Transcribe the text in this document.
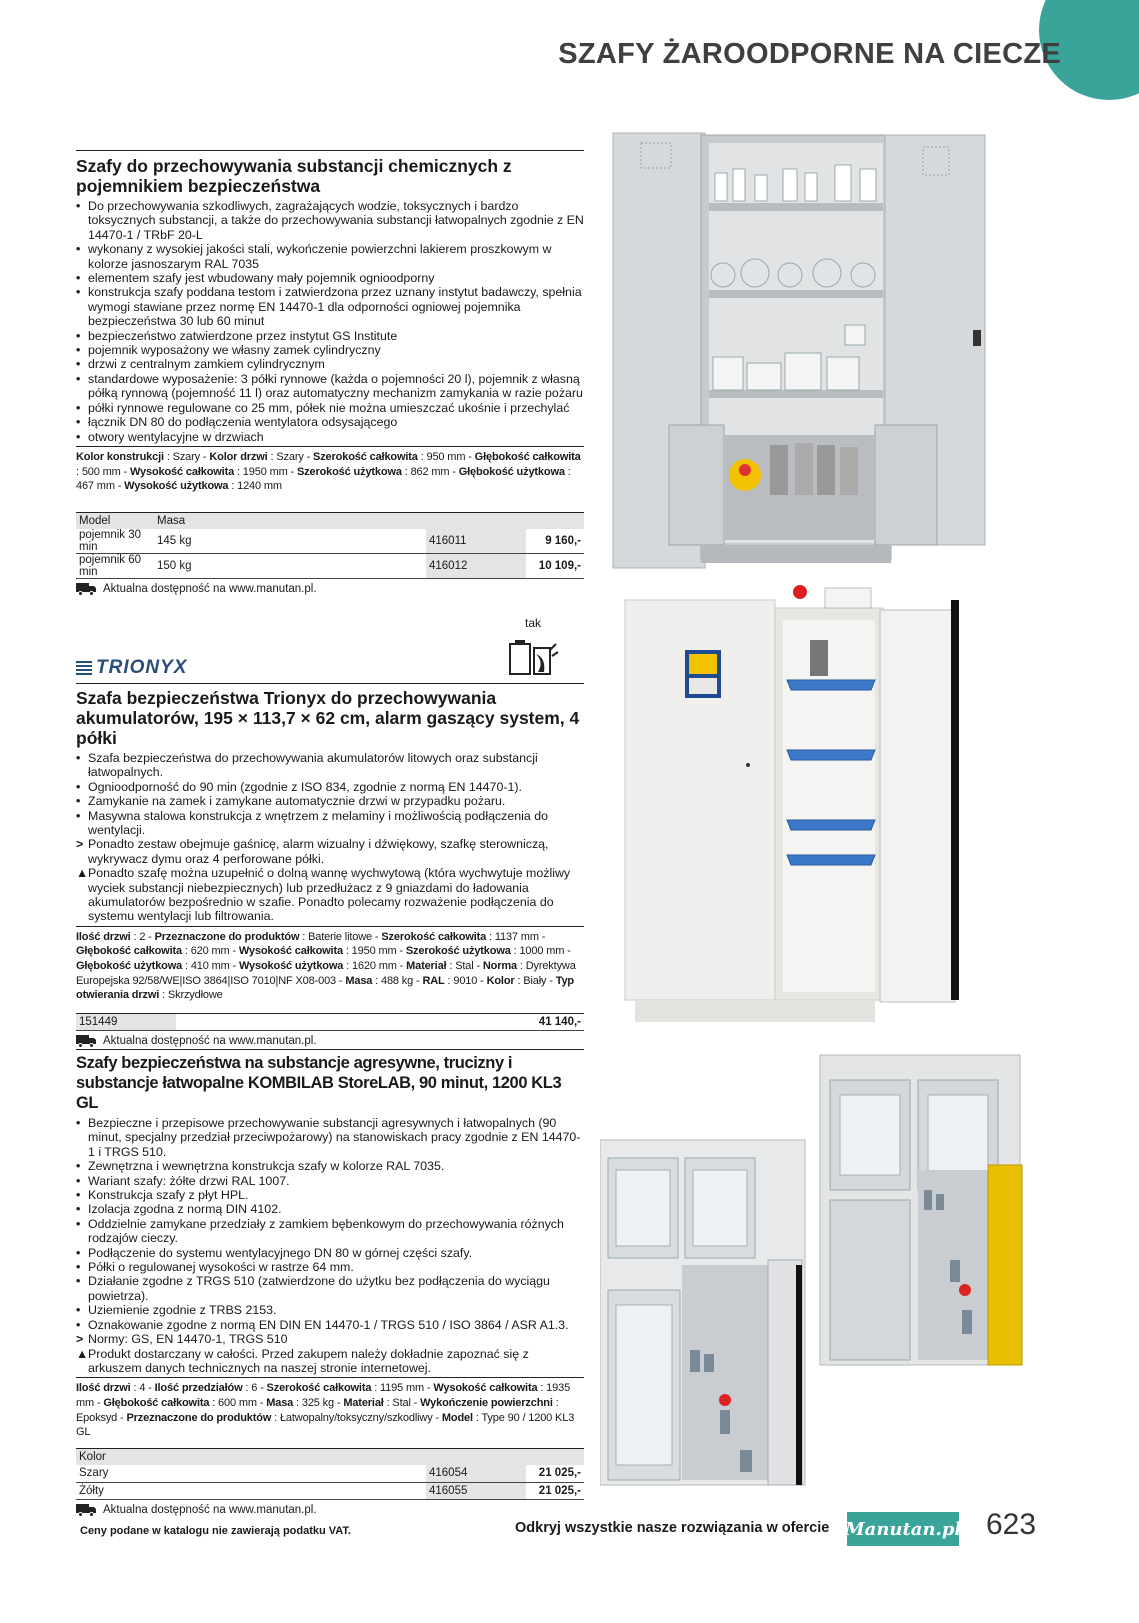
SZAFY ŻAROODPORNE NA CIECZE
Szafy do przechowywania substancji chemicznych z pojemnikiem bezpieczeństwa
• Do przechowywania szkodliwych, zagrażających wodzie, toksycznych i bardzo toksycznych substancji, a także do przechowywania substancji łatwopalnych zgodnie z EN 14470-1 / TRbF 20-L
• wykonany z wysokiej jakości stali, wykończenie powierzchni lakierem proszkowym w kolorze jasnoszarym RAL 7035
• elementem szafy jest wbudowany mały pojemnik ognioodporny
• konstrukcja szafy poddana testom i zatwierdzona przez uznany instytut badawczy, spełnia wymogi stawiane przez normę EN 14470-1 dla odporności ogniowej pojemnika bezpieczeństwa 30 lub 60 minut
• bezpieczeństwo zatwierdzone przez instytut GS Institute
• pojemnik wyposażony we własny zamek cylindryczny
• drzwi z centralnym zamkiem cylindrycznym
• standardowe wyposażenie: 3 półki rynnowe (każda o pojemności 20 l), pojemnik z własną półką rynnową (pojemność 11 l) oraz automatyczny mechanizm zamykania w razie pożaru
• półki rynnowe regulowane co 25 mm, półek nie można umieszczać ukośnie i przechylać
• łącznik DN 80 do podłączenia wentylatora odsysającego
• otwory wentylacyjne w drzwiach
Kolor konstrukcji : Szary - Kolor drzwi : Szary - Szerokość całkowita : 950 mm - Głębokość całkowita : 500 mm - Wysokość całkowita : 1950 mm - Szerokość użytkowa : 862 mm - Głębokość użytkowa : 467 mm - Wysokość użytkowa : 1240 mm
Model	Masa			
pojemnik 30 min	145 kg		416011	9 160,-
pojemnik 60 min	150 kg		416012	10 109,-
Aktualna dostępność na www.manutan.pl.
tak
TRIONYX
Szafa bezpieczeństwa Trionyx do przechowywania akumulatorów, 195 × 113,7 × 62 cm, alarm gaszący system, 4 półki
• Szafa bezpieczeństwa do przechowywania akumulatorów litowych oraz substancji łatwopalnych.
• Ognioodporność do 90 min (zgodnie z ISO 834, zgodnie z normą EN 14470-1).
• Zamykanie na zamek i zamykane automatycznie drzwi w przypadku pożaru.
• Masywna stalowa konstrukcja z wnętrzem z melaminy i możliwością podłączenia do wentylacji.
> Ponadto zestaw obejmuje gaśnicę, alarm wizualny i dźwiękowy, szafkę sterowniczą, wykrywacz dymu oraz 4 perforowane półki.
▲ Ponadto szafę można uzupełnić o dolną wannę wychwytową (która wychwytuje możliwy wyciek substancji niebezpiecznych) lub przedłużacz z 9 gniazdami do ładowania akumulatorów bezpośrednio w szafie. Ponadto polecamy rozważenie podłączenia do systemu wentylacji lub filtrowania.
Ilość drzwi : 2 - Przeznaczone do produktów : Baterie litowe - Szerokość całkowita : 1137 mm - Głębokość całkowita : 620 mm - Wysokość całkowita : 1950 mm - Szerokość użytkowa : 1000 mm - Głębokość użytkowa : 410 mm - Wysokość użytkowa : 1620 mm - Materiał : Stal - Norma : Dyrektywa Europejska 92/58/WE|ISO 3864|ISO 7010|NF X08-003 - Masa : 488 kg - RAL : 9010 - Kolor : Biały - Typ otwierania drzwi : Skrzydłowe
151449		41 140,-
Aktualna dostępność na www.manutan.pl.
Szafy bezpieczeństwa na substancje agresywne, trucizny i substancje łatwopalne KOMBILAB StoreLAB, 90 minut, 1200 KL3 GL
• Bezpieczne i przepisowe przechowywanie substancji agresywnych i łatwopalnych (90 minut, specjalny przedział przeciwpożarowy) na stanowiskach pracy zgodnie z EN 14470-1 i TRGS 510.
• Zewnętrzna i wewnętrzna konstrukcja szafy w kolorze RAL 7035.
• Wariant szafy: żółte drzwi RAL 1007.
• Konstrukcja szafy z płyt HPL.
• Izolacja zgodna z normą DIN 4102.
• Oddzielnie zamykane przedziały z zamkiem bębenkowym do przechowywania różnych rodzajów cieczy.
• Podłączenie do systemu wentylacyjnego DN 80 w górnej części szafy.
• Półki o regulowanej wysokości w rastrze 64 mm.
• Działanie zgodne z TRGS 510 (zatwierdzone do użytku bez podłączenia do wyciągu powietrza).
• Uziemienie zgodnie z TRBS 2153.
• Oznakowanie zgodne z normą EN DIN EN 14470-1 / TRGS 510 / ISO 3864 / ASR A1.3.
> Normy: GS, EN 14470-1, TRGS 510
▲ Produkt dostarczany w całości. Przed zakupem należy dokładnie zapoznać się z arkuszem danych technicznych na naszej stronie internetowej.
Ilość drzwi : 4 - Ilość przedziałów : 6 - Szerokość całkowita : 1195 mm - Wysokość całkowita : 1935 mm - Głębokość całkowita : 600 mm - Masa : 325 kg - Materiał : Stal - Wykończenie powierzchni : Epoksyd - Przeznaczone do produktów : Łatwopalny/toksyczny/szkodliwy - Model : Type 90 / 1200 KL3 GL
Kolor			
Szary		416054	21 025,-
Żółty		416055	21 025,-
Aktualna dostępność na www.manutan.pl.
Ceny podane w katalogu nie zawierają podatku VAT.	Odkryj wszystkie nasze rozwiązania w ofercie Manutan.pl 623
